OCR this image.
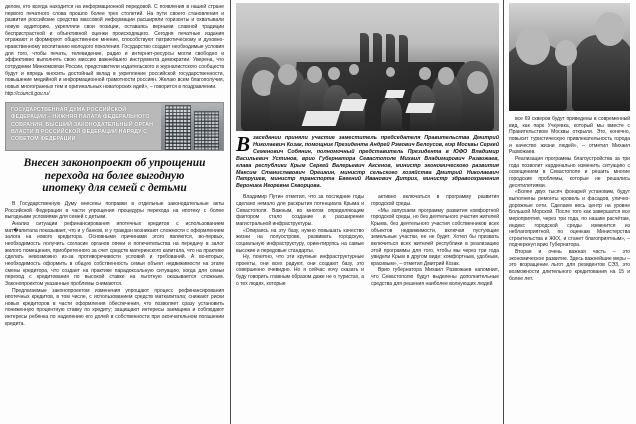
делом, кто всегда находится на информационной передовой. С появления в нашей стране первого печатного слова прошло более трех столетий. На пути своего становления и развития российские средства массовой информации расширяли горизонты и охватывали новую аудиторию, укрепляли свои позиции, оставаясь верными славной традиции беспристрастной и объективной оценки происходящего. Сегодня печатные издания отражают и формируют общественное мнение, способствуют патриотическому и духовно-нравственному воспитанию молодого поколения. Государство создает необходимые условия для того, чтобы печать, телевидение, радио и интернет-ресурсы могли свободно и эффективно выполнять свою миссию важнейшего инструмента демократии. Уверена, что сотрудники Минкомсвязи России, представители издательского и журналистского сообществ будут и впредь вносить достойный вклад в укрепление российской государственности, повышение медийной и информационной грамотности россиян. Желаю всем благополучия, новых многогранных тем и оригинальных новаторских идей», – говорится в поздравлении.

http://council.gov.ru/

ГОСУДАРСТВЕННАЯ ДУМА РОССИЙСКОЙ ФЕДЕРАЦИИ – НИЖНЯЯ ПАЛАТА ФЕДЕРАЛЬНОГО СОБРАНИЯ, ВЫСШИЙ ЗАКОНОДАТЕЛЬНЫЙ ОРГАН ВЛАСТИ В РОССИЙСКОЙ ФЕДЕРАЦИИ НАРЯДУ С СОВЕТОМ ФЕДЕРАЦИИ
Внесен законопроект об упрощении
перехода на более выгодную
ипотеку для семей с детьми

В Государственную Думу внесены поправки в отдельные законодательные акты Российской Федерации в части упрощения процедуры перехода на ипотеку с более выгодными условиями для семей с детьми.

Анализ ситуации рефинансирования ипотечных кредитов с использованием мат�апитала показывает, что и у банков, и у граждан возникают сложности с оформлением залога на нового кредитора. Основными причинами этого являются, во-первых, необходимость получить согласие органов опеки и попечительства на передачу в залог жилого помещения, приобретенного за счет средств материнского капитала, что на практике сделать невозможно из-за противоречивости условий и требований. А во-вторых, необходимость оформить в общую собственность семьи объект недвижимости на этапе смены кредитора, что создает на практике парадоксальную ситуацию, когда для семьи переход с кредитования по высокой ставке на льготную оказывается сложным. Законопроектом указанные проблемы снимаются.

Предлагаемые законопроектом изменения упрощают процесс рефинансирования ипотечных кредитов, в том числе, с использованием средств маткапитала; снижают риски новых кредиторов в части оформления обеспечения, что позволяет сразу установить пониженную процентную ставку по кредиту; защищают интересы заемщика и соблюдают интересы ребенка по наделению его долей в собственности при окончательном погашении кредита.

В заседании приняли участие заместитель председателя Правительства Дмитрий Николаевич Козак, помощник Президента Андрей Рэмович Белоусов, мэр Москвы Сергей Семенович Собянин, полномочный представитель Президента в ЮФО Владимир Васильевич Устинов, врио Губернатора Севастополе Михаил Владимирович Развожаев, глава республики Крым Сергей Валерьевич Аксенов, министр экономического развития Максим Станиславович Орешкин, министр сельского хозяйства Дмитрий Николаевич Патрушев, министр транспорта Евгений Иванович Дитрих, министр здравоохранения Вероника Игоревна Скворцова.

Владимир Путин отметил, что за последние годы сделано немало для раскрытия потенциала Крыма и Севастополя. Важным, во многом определяющим фактором стало создание и расширение магистральной инфраструктуры.

«Опираясь на эту базу, нужно повышать качество жизни на полуострове, развивать городскую, социальную инфраструктуру, ориентируясь на самые высокие и передовые стандарты.

Ну, понятно, что эти крупные инфраструктурные проекты, они всех радуют, они создают базу, это совершенно очевидно. Но я сейчас хочу сказать и буду говорить главным образом даже не о туристах, а о тех людях, которые

активно включаться в программу развития городской среды.

«Мы запускаем программу развития комфортной городской среды, но без деятельного участия жителей Крыма, без деятельного участия собственников всех объектов недвижимости, включая пустующие земельные участки, ее не будет. Хотел бы призвать включиться всех жителей республики в реализацию этой программы для того, чтобы мы через три года увидели Крым в другом виде: комфортным, удобным, красивым», – отметил Дмитрий Козак.

Врио губернатора Михаил Развожаев напомнил, что Севастополю будут выделены дополнительные средства для решения наиболее волнующих людей

все 69 скверов будут приведены в современный вид, как парк Учкуевка, который мы вместе с Правительством Москвы открыли. Это, конечно, повысит туристическую привлекательность города и качество жизни людей», – отметил Михаил Развожаев.

Реализация программы благоустройства за три года позволит кардинально изменить ситуацию с освещением в Севастополе и решить многие городские проблемы, которые не решались десятилетиями.

«Более двух тысяч фонарей установим, будут выполнены ремонты кровель и фасадов, улично-дорожные сети. Сделаем весь центр на уровне Большой Морской. После того как завершатся все мероприятия, через три года, по нашим расчётам, индекс городской среды изменится из неблагоприятной, по оценкам Министерства строительства и ЖКХ, и станет благоприятным», – подчеркнул врио Губернатора.

Вторая и очень важная часть – это экономическое развитие. Здесь важнейшие меры – это возращение льгот для резидентов СЭЗ, это возможности длительного кредитования на 15 и более лет.
